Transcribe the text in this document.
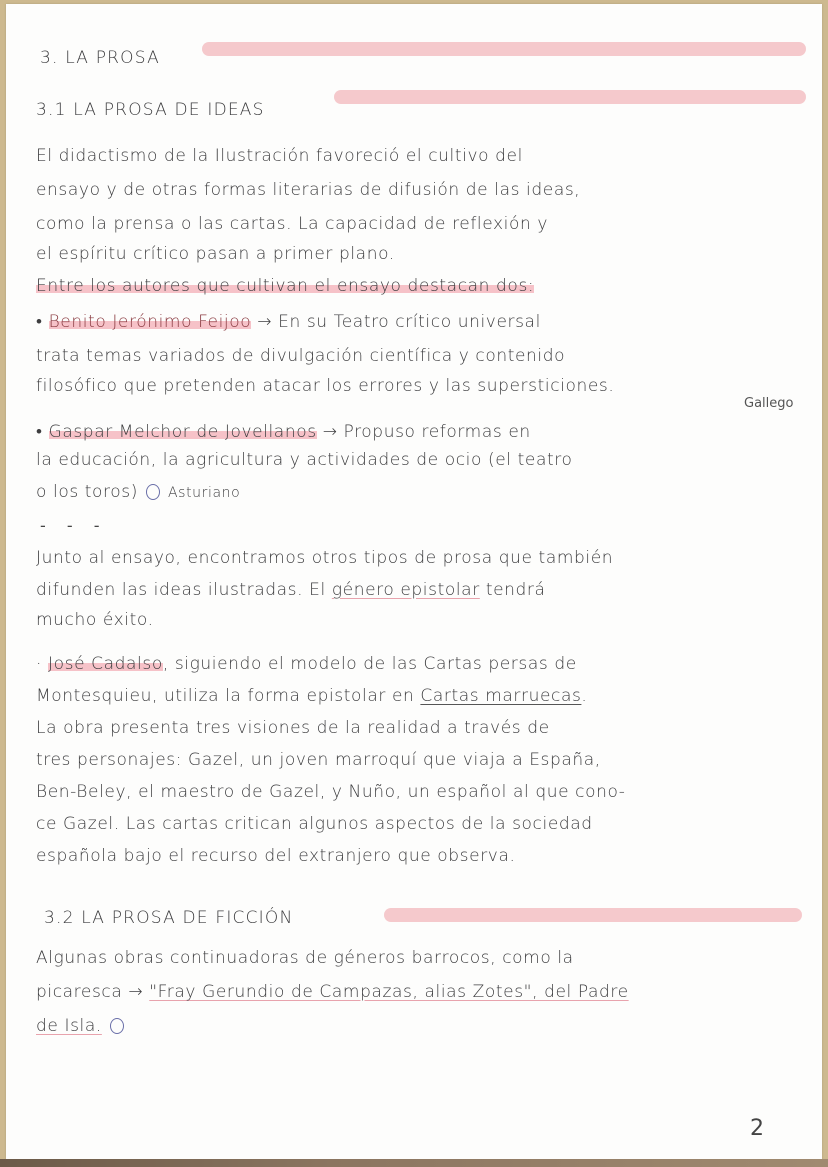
3. LA PROSA
3.1 LA PROSA DE IDEAS
El didactismo de la Ilustración favoreció el cultivo del
ensayo y de otras formas literarias de difusión de las ideas,
como la prensa o las cartas. La capacidad de reflexión y
el espíritu crítico pasan a primer plano.
Entre los autores que cultivan el ensayo destacan dos:
• Benito Jerónimo Feijoo → En su Teatro crítico universal
trata temas variados de divulgación científica y contenido
filosófico que pretenden atacar los errores y las supersticiones.
Gallego
• Gaspar Melchor de Jovellanos → Propuso reformas en
la educación, la agricultura y actividades de ocio (el teatro
o los toros) ○ Asturiano
- - -
Junto al ensayo, encontramos otros tipos de prosa que también
difunden las ideas ilustradas. El género epistolar tendrá
mucho éxito.
· José Cadalso, siguiendo el modelo de las Cartas persas de
Montesquieu, utiliza la forma epistolar en Cartas marruecas.
La obra presenta tres visiones de la realidad a través de
tres personajes: Gazel, un joven marroquí que viaja a España,
Ben-Beley, el maestro de Gazel, y Nuño, un español al que cono-
ce Gazel. Las cartas critican algunos aspectos de la sociedad
española bajo el recurso del extranjero que observa.
3.2 LA PROSA DE FICCIÓN
Algunas obras continuadoras de géneros barrocos, como la
picaresca → "Fray Gerundio de Campazas, alias Zotes", del Padre
de Isla.
2
